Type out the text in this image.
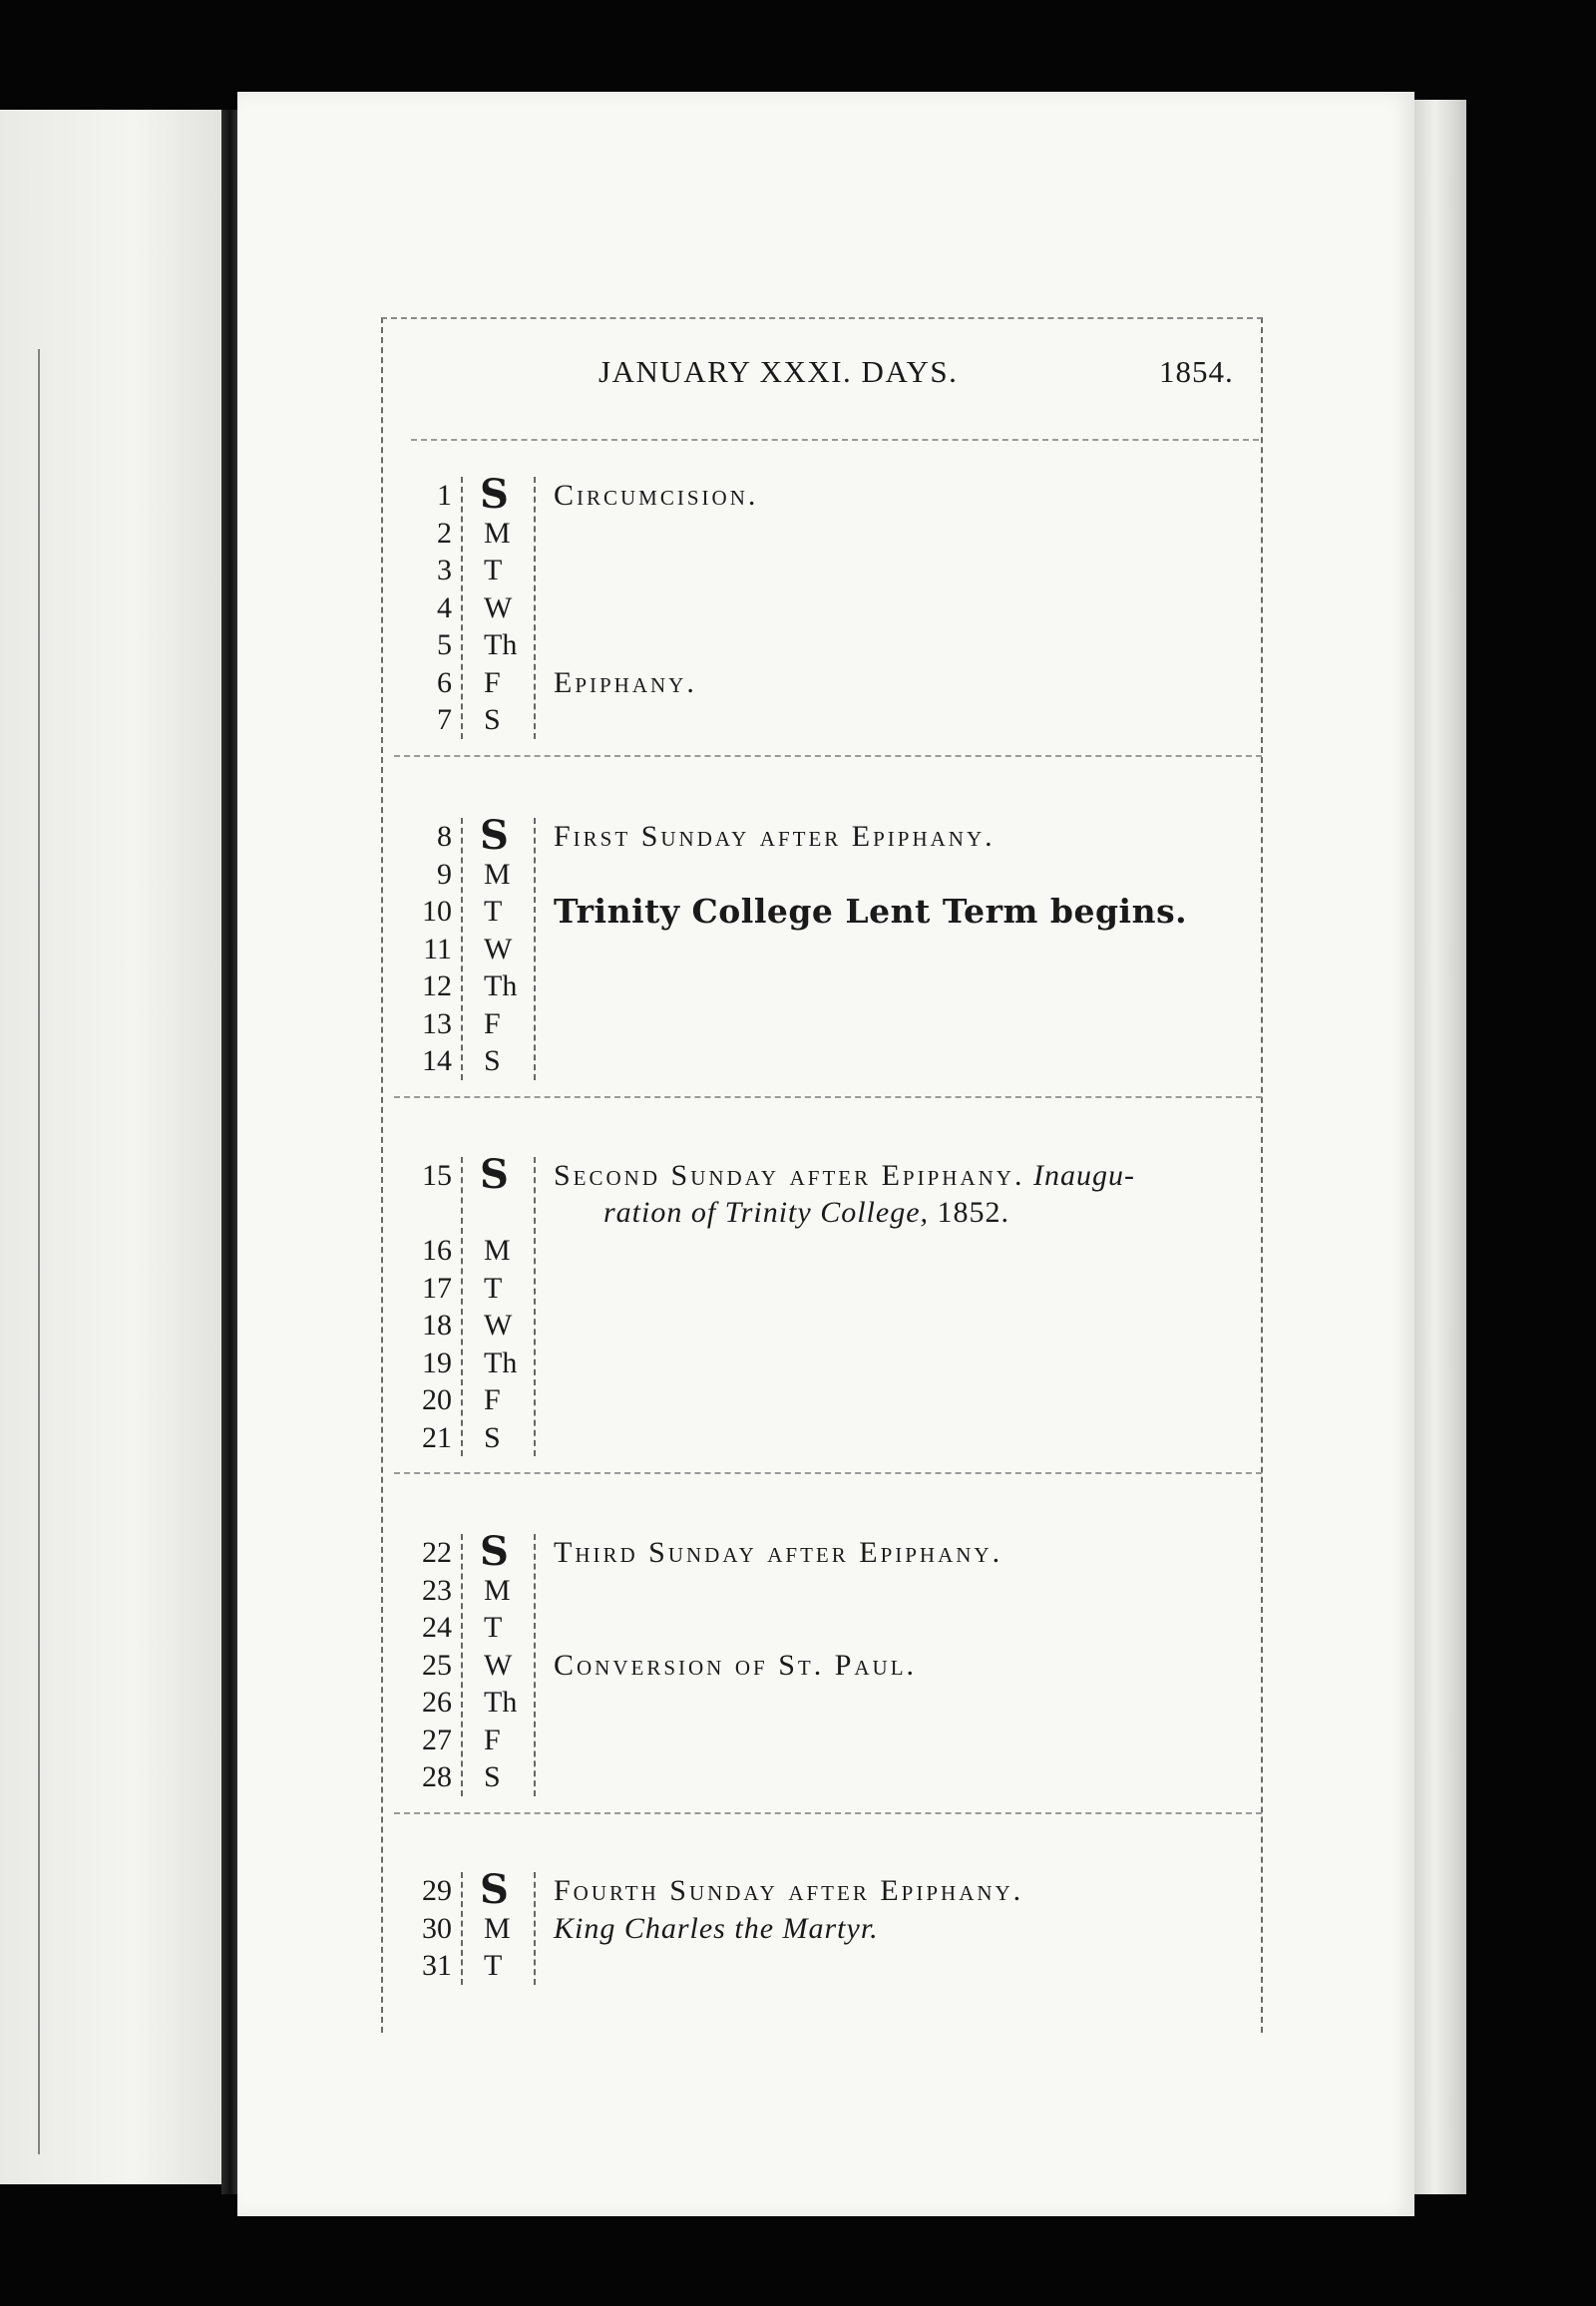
JANUARY XXXI. DAYS.	1854.
1 S Circumcision.
2 M
3 T
4 W
5 Th
6 F Epiphany.
7 S
8 S First Sunday after Epiphany.
9 M
10 T Trinity College Lent Term begins.
11 W
12 Th
13 F
14 S
15 S Second Sunday after Epiphany. Inaugu-
ration of Trinity College, 1852.
16 M
17 T
18 W
19 Th
20 F
21 S
22 S Third Sunday after Epiphany.
23 M
24 T
25 W Conversion of St. Paul.
26 Th
27 F
28 S
29 S Fourth Sunday after Epiphany.
30 M King Charles the Martyr.
31 T
